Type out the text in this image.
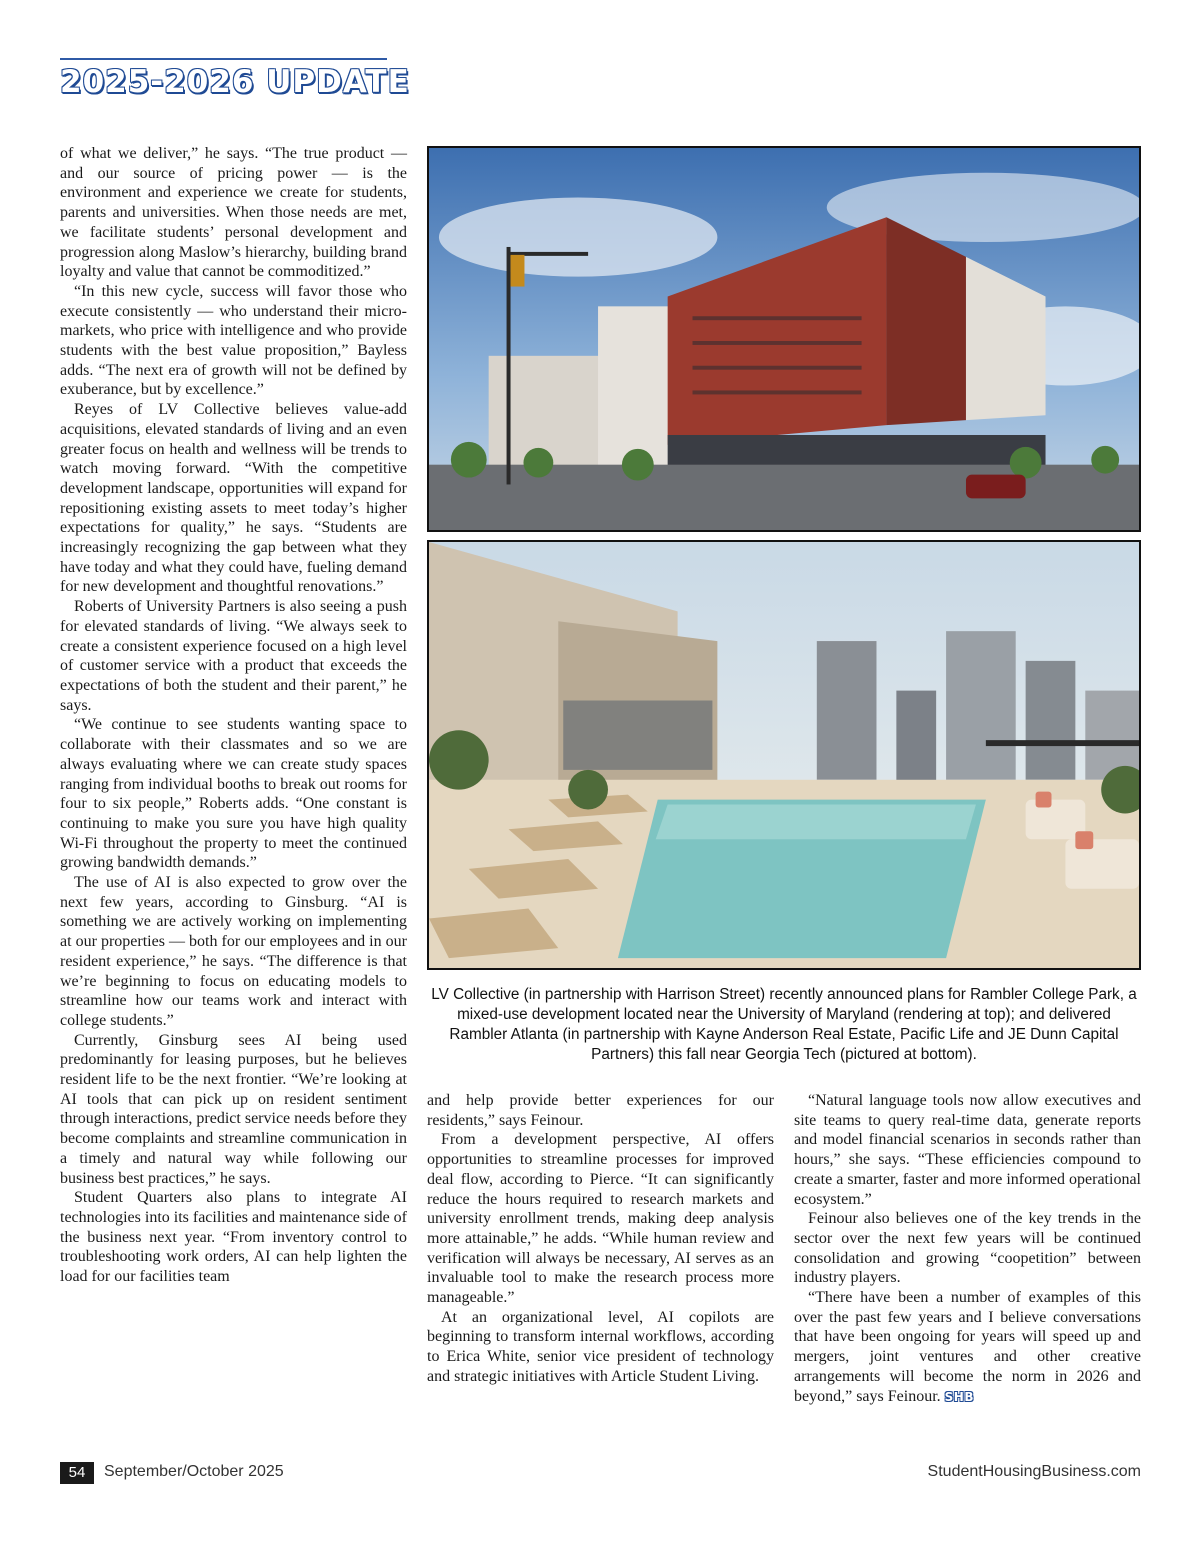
2025-2026 UPDATE

of what we deliver,” he says. “The true product — and our source of pricing power — is the environment and experience we create for students, parents and universities. When those needs are met, we facilitate students’ personal development and progression along Maslow’s hierarchy, building brand loyalty and value that cannot be commoditized.”

“In this new cycle, success will favor those who execute consistently — who understand their micro-markets, who price with intelligence and who provide students with the best value proposition,” Bayless adds. “The next era of growth will not be defined by exuberance, but by excellence.”

Reyes of LV Collective believes value-add acquisitions, elevated standards of living and an even greater focus on health and wellness will be trends to watch moving forward. “With the competitive development landscape, opportunities will expand for repositioning existing assets to meet today’s higher expectations for quality,” he says. “Students are increasingly recognizing the gap between what they have today and what they could have, fueling demand for new development and thoughtful renovations.”

Roberts of University Partners is also seeing a push for elevated standards of living. “We always seek to create a consistent experience focused on a high level of customer service with a product that exceeds the expectations of both the student and their parent,” he says.

“We continue to see students wanting space to collaborate with their classmates and so we are always evaluating where we can create study spaces ranging from individual booths to break out rooms for four to six people,” Roberts adds. “One constant is continuing to make you sure you have high quality Wi-Fi throughout the property to meet the continued growing bandwidth demands.”

The use of AI is also expected to grow over the next few years, according to Ginsburg. “AI is something we are actively working on implementing at our properties — both for our employees and in our resident experience,” he says. “The difference is that we’re beginning to focus on educating models to streamline how our teams work and interact with college students.”

Currently, Ginsburg sees AI being used predominantly for leasing purposes, but he believes resident life to be the next frontier. “We’re looking at AI tools that can pick up on resident sentiment through interactions, predict service needs before they become complaints and streamline communication in a timely and natural way while following our business best practices,” he says.

Student Quarters also plans to integrate AI technologies into its facilities and maintenance side of the business next year. “From inventory control to troubleshooting work orders, AI can help lighten the load for our facilities team

LV Collective (in partnership with Harrison Street) recently announced plans for Rambler College Park, a mixed-use development located near the University of Maryland (rendering at top); and delivered Rambler Atlanta (in partnership with Kayne Anderson Real Estate, Pacific Life and JE Dunn Capital Partners) this fall near Georgia Tech (pictured at bottom).

and help provide better experiences for our residents,” says Feinour.

From a development perspective, AI offers opportunities to streamline processes for improved deal flow, according to Pierce. “It can significantly reduce the hours required to research markets and university enrollment trends, making deep analysis more attainable,” he adds. “While human review and verification will always be necessary, AI serves as an invaluable tool to make the research process more manageable.”

At an organizational level, AI copilots are beginning to transform internal workflows, according to Erica White, senior vice president of technology and strategic initiatives with Article Student Living.

“Natural language tools now allow executives and site teams to query real-time data, generate reports and model financial scenarios in seconds rather than hours,” she says. “These efficiencies compound to create a smarter, faster and more informed operational ecosystem.”

Feinour also believes one of the key trends in the sector over the next few years will be continued consolidation and growing “coopetition” between industry players.

“There have been a number of examples of this over the past few years and I believe conversations that have been ongoing for years will speed up and mergers, joint ventures and other creative arrangements will become the norm in 2026 and beyond,” says Feinour. SHB

54	September/October 2025	StudentHousingBusiness.com
